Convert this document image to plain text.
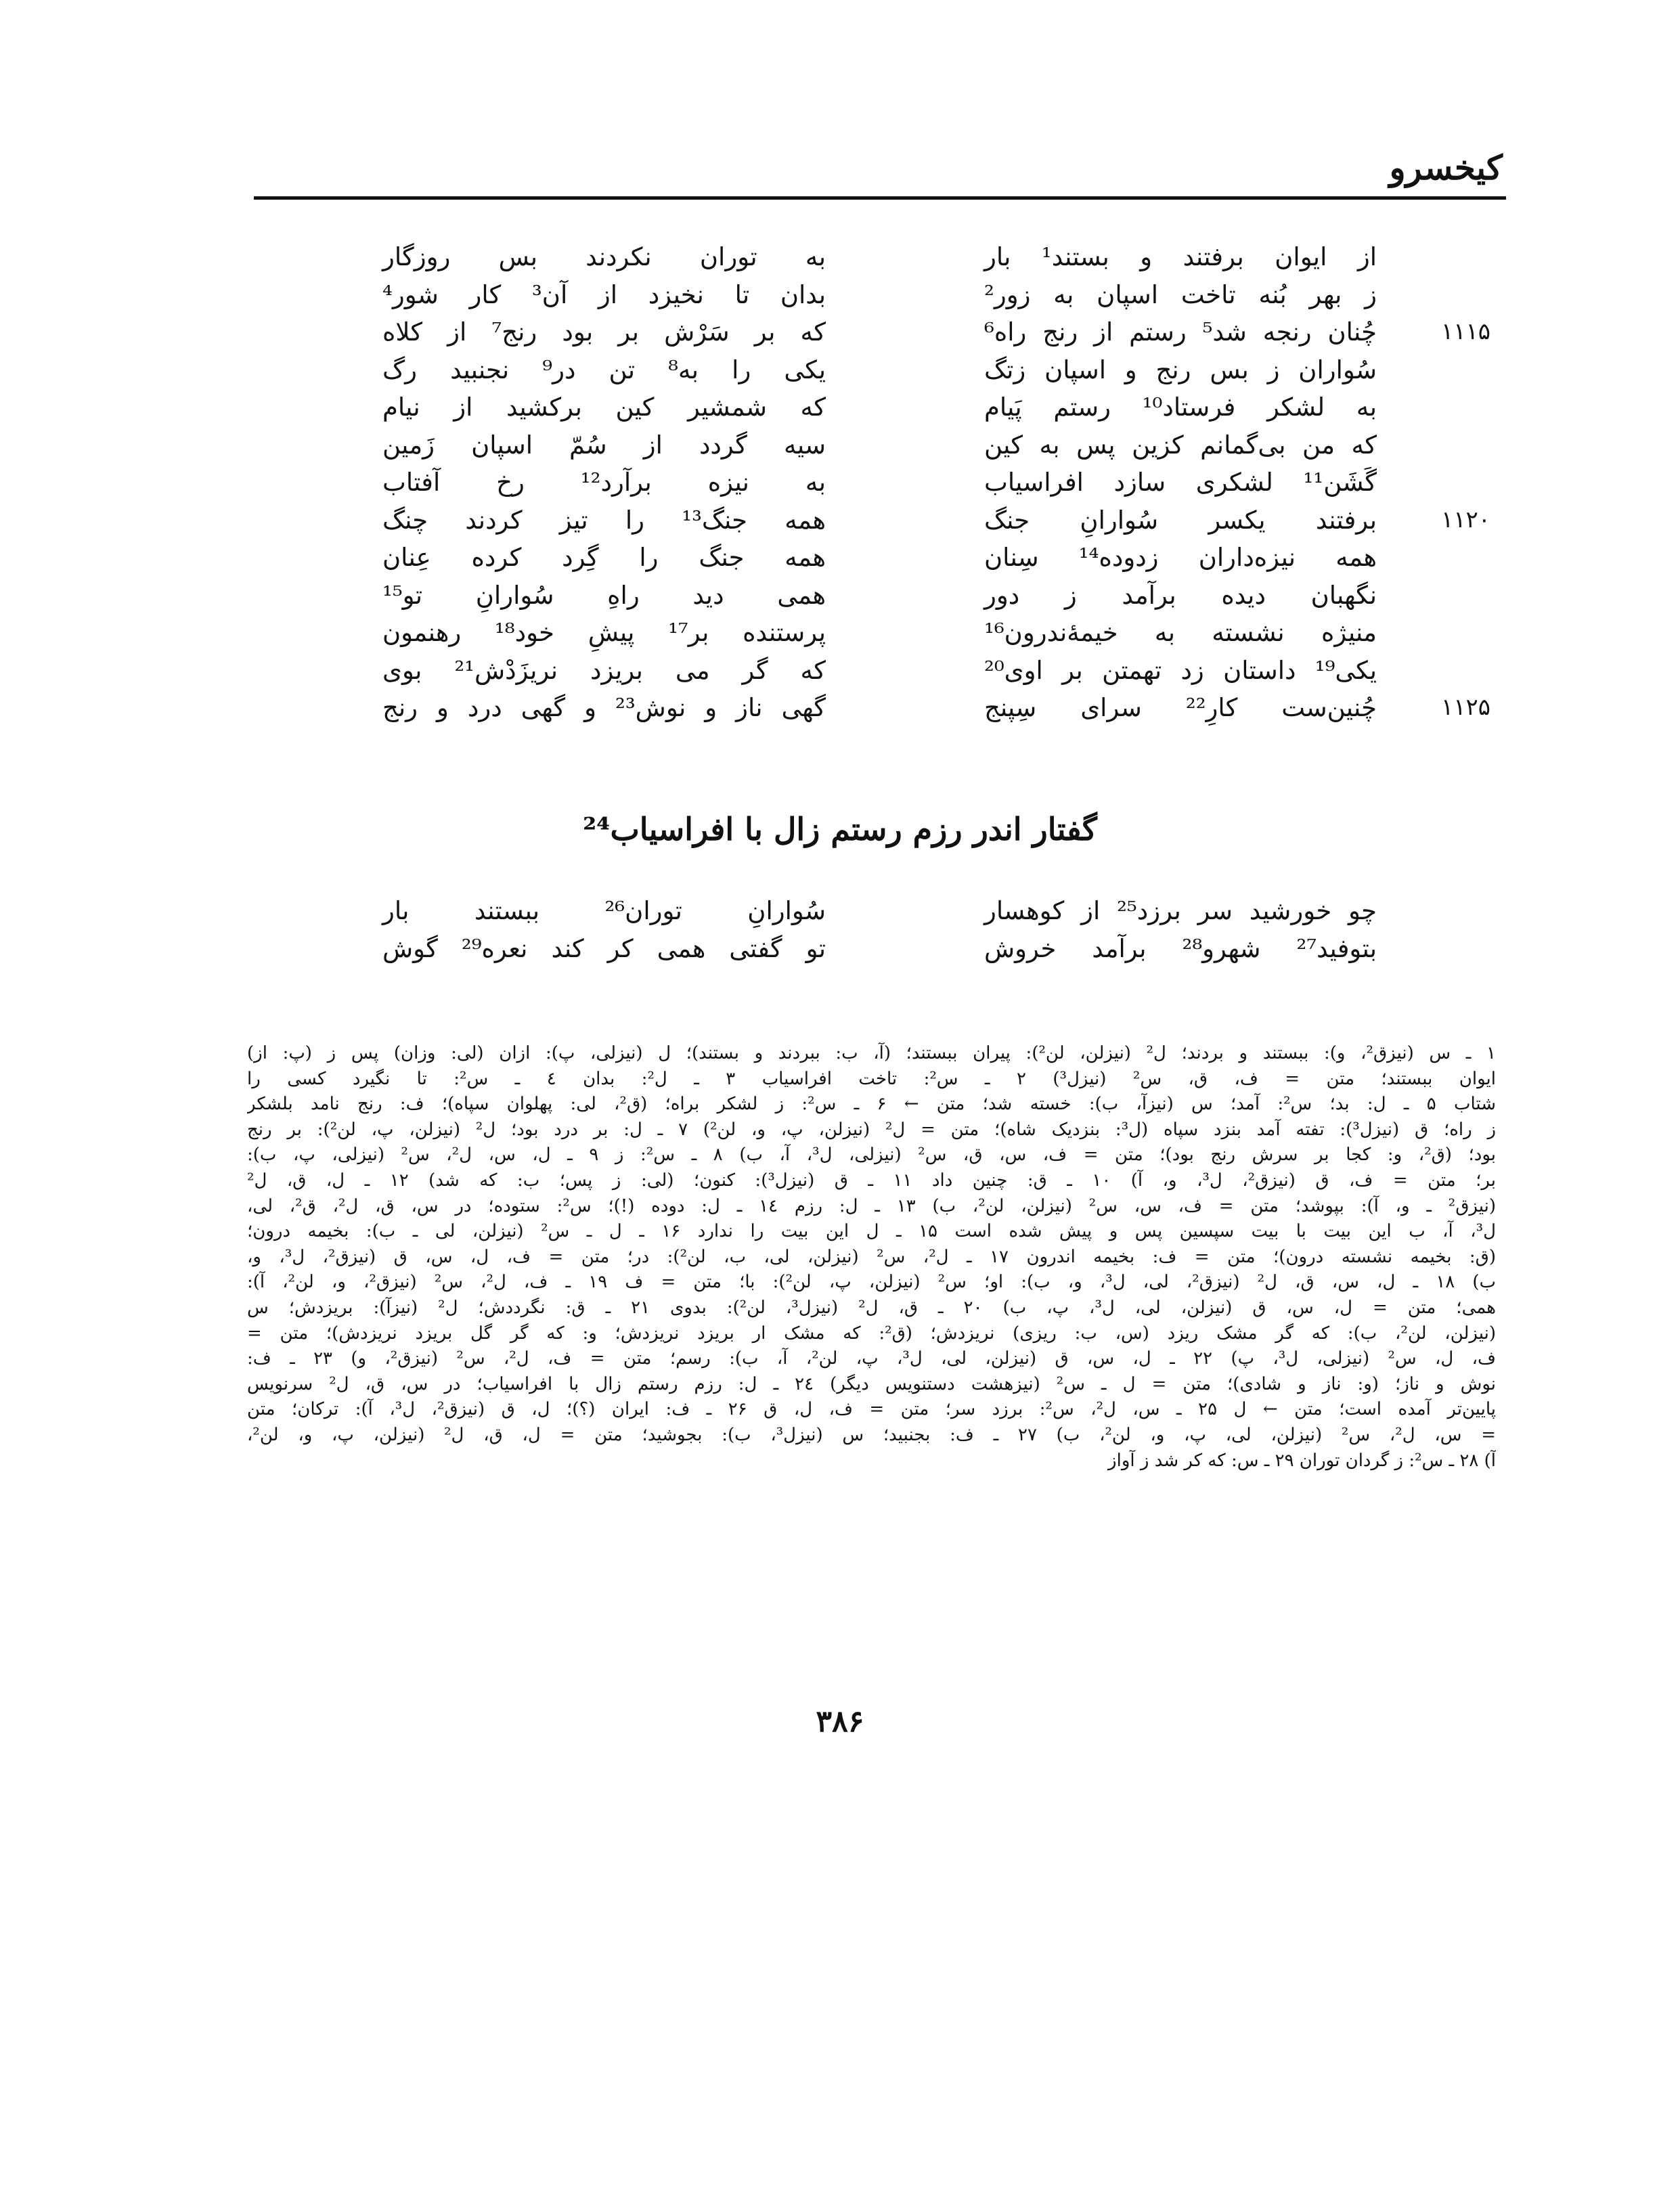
کیخسرو
از ایوان برفتند و بستند¹ بار
به توران نکردند بس روزگار
ز بهر بُنه تاخت اسپان به زور²
بدان تا نخیزد از آن³ کار شور⁴
۱۱۱۵
چُنان رنجه شد⁵ رستم از رنج راه⁶
که بر سَرْش بر بود رنج⁷ از کلاه
سُواران ز بس رنج و اسپان زتگ
یکی را به⁸ تن در⁹ نجنبید رگ
به لشکر فرستاد¹⁰ رستم پَیام
که شمشیر کین برکشید از نیام
که من بی‌گمانم کزین پس به کین
سیه گردد از سُمّ اسپان زَمین
گَشَن¹¹ لشکری سازد افراسیاب
به نیزه برآرد¹² رخ آفتاب
۱۱۲۰
برفتند یکسر سُوارانِ جنگ
همه جنگ¹³ را تیز کردند چنگ
همه نیزه‌داران زدوده¹⁴ سِنان
همه جنگ را گِرد کرده عِنان
نگهبان دیده برآمد ز دور
همی دید راهِ سُوارانِ تو¹⁵
منیژه نشسته به خیمهٔ‌ندرون¹⁶
پرستنده بر¹⁷ پیشِ خود¹⁸ رهنمون
یکی¹⁹ داستان زد تهمتن بر اوی²⁰
که گر می بریزد نریزَدْش²¹ بوی
۱۱۲۵
چُنین‌ست کارِ²² سرای سِپنج
گهی ناز و نوش²³ و گهی درد و رنج
گفتار اندر رزم رستم زال با افراسیاب²⁴
چو خورشید سر برزد²⁵ از کوهسار
سُوارانِ توران²⁶ ببستند بار
بتوفید²⁷ شهرو²⁸ برآمد خروش
تو گفتی همی کر کند نعره²⁹ گوش
۱ ـ س (نیزق²، و): ببستند و بردند؛ ل² (نیزلن، لن²): پیران ببستند؛ (آ، ب: ببردند و بستند)؛ ل (نیزلی، پ): ازان (لی: وزان) پس ز (پ: از)
ایوان ببستند؛ متن = ف، ق، س² (نیزل³) ۲ ـ س²: تاخت افراسیاب ۳ ـ ل²: بدان ٤ ـ س²: تا نگیرد کسی را
شتاب ۵ ـ ل: بد؛ س²: آمد؛ س (نیزآ، ب): خسته شد؛ متن ← ۶ ـ س²: ز لشکر براه؛ (ق²، لی: پهلوان سپاه)؛ ف: رنج نامد بلشکر
ز راه؛ ق (نیزل³): تفته آمد بنزد سپاه (ل³: بنزدیک شاه)؛ متن = ل² (نیزلن، پ، و، لن²) ۷ ـ ل: بر درد بود؛ ل² (نیزلن، پ، لن²): بر رنج
بود؛ (ق²، و: کجا بر سرش رنج بود)؛ متن = ف، س، ق، س² (نیزلی، ل³، آ، ب) ۸ ـ س²: ز ۹ ـ ل، س، ل²، س² (نیزلی، پ، ب):
بر؛ متن = ف، ق (نیزق²، ل³، و، آ) ۱۰ ـ ق: چنین داد ۱۱ ـ ق (نیزل³): کنون؛ (لی: ز پس؛ ب: که شد) ۱۲ ـ ل، ق، ل²
(نیزق² ـ و، آ): بپوشد؛ متن = ف، س، س² (نیزلن، لن²، ب) ۱۳ ـ ل: رزم ۱٤ ـ ل: دوده (!)؛ س²: ستوده؛ در س، ق، ل²، ق²، لی،
ل³، آ، ب این بیت با بیت سپسین پس و پیش شده است ۱۵ ـ ل این بیت را ندارد ۱۶ ـ ل ـ س² (نیزلن، لی ـ ب): بخیمه درون؛
(ق: بخیمه نشسته درون)؛ متن = ف: بخیمه اندرون ۱۷ ـ ل²، س² (نیزلن، لی، ب، لن²): در؛ متن = ف، ل، س، ق (نیزق²، ل³، و،
ب) ۱۸ ـ ل، س، ق، ل² (نیزق²، لی، ل³، و، ب): او؛ س² (نیزلن، پ، لن²): با؛ متن = ف ۱۹ ـ ف، ل²، س² (نیزق²، و، لن²، آ):
همی؛ متن = ل، س، ق (نیزلن، لی، ل³، پ، ب) ۲۰ ـ ق، ل² (نیزل³، لن²): بدوی ۲۱ ـ ق: نگرددش؛ ل² (نیزآ): بریزدش؛ س
(نیزلن، لن²، ب): که گر مشک ریزد (س، ب: ریزی) نریزدش؛ (ق²: که مشک ار بریزد نریزدش؛ و: که گر گل بریزد نریزدش)؛ متن =
ف، ل، س² (نیزلی، ل³، پ) ۲۲ ـ ل، س، ق (نیزلن، لی، ل³، پ، لن²، آ، ب): رسم؛ متن = ف، ل²، س² (نیزق²، و) ۲۳ ـ ف:
نوش و ناز؛ (و: ناز و شادی)؛ متن = ل ـ س² (نیزهشت دستنویس دیگر) ۲٤ ـ ل: رزم رستم زال با افراسیاب؛ در س، ق، ل² سرنویس
پایین‌تر آمده است؛ متن ← ل ۲۵ ـ س، ل²، س²: برزد سر؛ متن = ف، ل، ق ۲۶ ـ ف: ایران (؟)؛ ل، ق (نیزق²، ل³، آ): ترکان؛ متن
= س، ل²، س² (نیزلن، لی، پ، و، لن²، ب) ۲۷ ـ ف: بجنبید؛ س (نیزل³، ب): بجوشید؛ متن = ل، ق، ل² (نیزلن، پ، و، لن²،
آ) ۲۸ ـ س²: ز گردان توران ۲۹ ـ س: که کر شد ز آواز
۳۸۶
